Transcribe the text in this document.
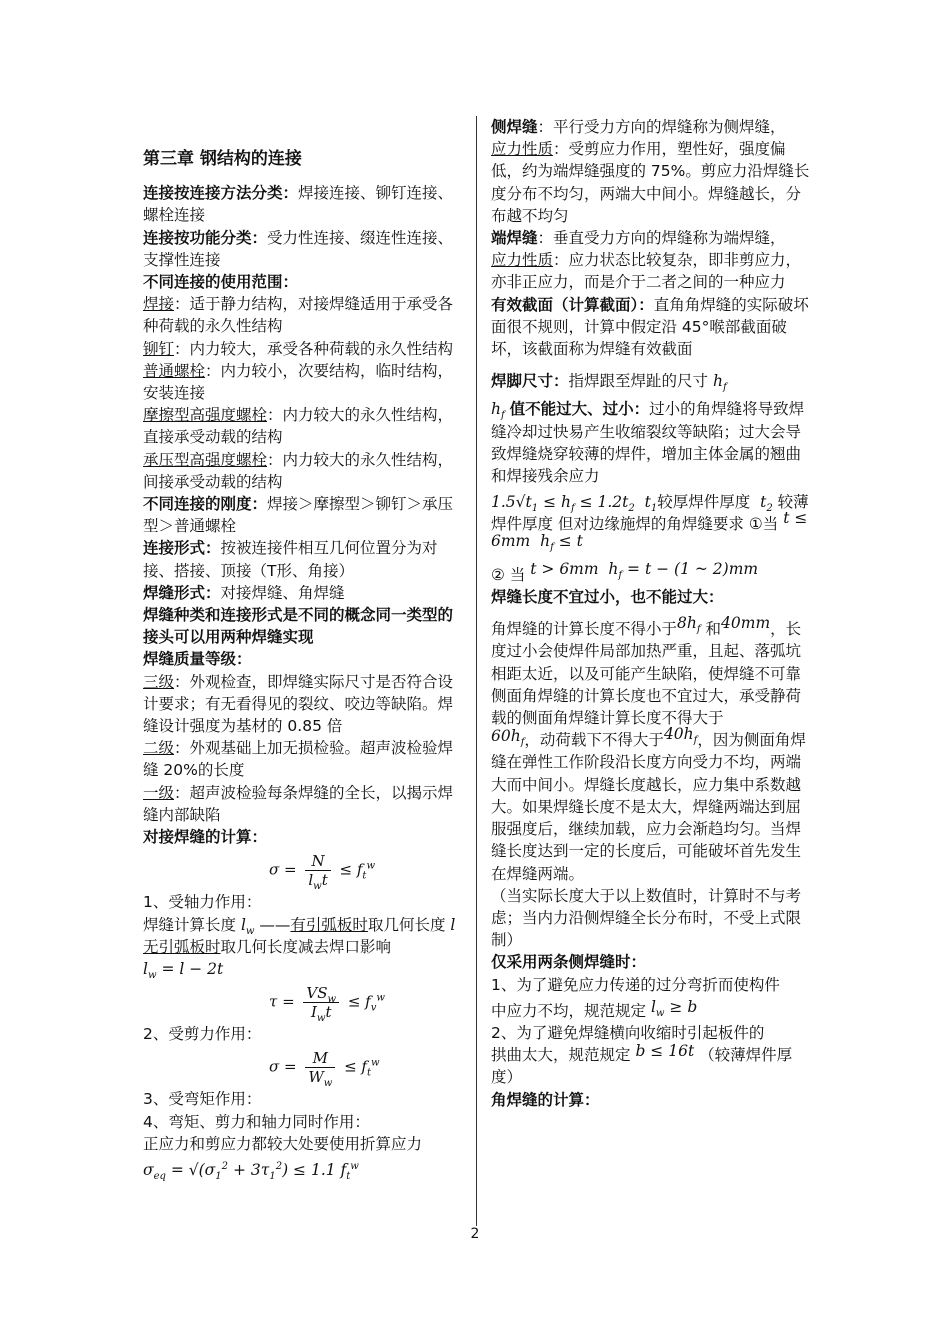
第三章 钢结构的连接

连接按连接方法分类：焊接连接、铆钉连接、螺栓连接

连接按功能分类：受力性连接、缀连性连接、支撑性连接

不同连接的使用范围：

焊接：适于静力结构，对接焊缝适用于承受各种荷载的永久性结构

铆钉：内力较大，承受各种荷载的永久性结构

普通螺栓：内力较小，次要结构，临时结构，安装连接

摩擦型高强度螺栓：内力较大的永久性结构，直接承受动载的结构

承压型高强度螺栓：内力较大的永久性结构，间接承受动载的结构

不同连接的刚度：焊接＞摩擦型＞铆钉＞承压型＞普通螺栓

连接形式：按被连接件相互几何位置分为对接、搭接、顶接（T形、角接）

焊缝形式：对接焊缝、角焊缝

焊缝种类和连接形式是不同的概念同一类型的接头可以用两种焊缝实现

焊缝质量等级：

三级：外观检查，即焊缝实际尺寸是否符合设计要求；有无看得见的裂纹、咬边等缺陷。焊缝设计强度为基材的 0.85 倍

二级：外观基础上加无损检验。超声波检验焊缝 20%的长度

一级：超声波检验每条焊缝的全长，以揭示焊缝内部缺陷

对接焊缝的计算：

$\sigma = \frac{N}{l_wt} \le f_t^w$

1、受轴力作用：

焊缝计算长度 $l_w$ ——有引弧板时取几何长度 l 无引弧板时取几何长度减去焊口影响

$l_w = l - 2t$

$\tau = \frac{VS_w}{I_wt} \le f_v^w$

2、受剪力作用：

$\sigma = \frac{M}{W_w} \le f_t^w$

3、受弯矩作用：

4、弯矩、剪力和轴力同时作用：

正应力和剪应力都较大处要使用折算应力

$\sigma_{eq} = √(\sigma_1^2 + 3\tau_1^2) \le 1.1$ $f_t^w$

侧焊缝：平行受力方向的焊缝称为侧焊缝，

应力性质：受剪应力作用，塑性好，强度偏低，约为端焊缝强度的 75%。剪应力沿焊缝长度分布不均匀，两端大中间小。焊缝越长，分布越不均匀

端焊缝：垂直受力方向的焊缝称为端焊缝，

应力性质：应力状态比较复杂，即非剪应力，亦非正应力，而是介于二者之间的一种应力

有效截面（计算截面）：直角角焊缝的实际破坏面很不规则，计算中假定沿 45°喉部截面破坏，该截面称为焊缝有效截面

焊脚尺寸：指焊跟至焊趾的尺寸 $h_f$

$h_f$ 值不能过大、过小：过小的角焊缝将导致焊缝冷却过快易产生收缩裂纹等缺陷；过大会导致焊缝烧穿较薄的焊件，增加主体金属的翘曲和焊接残余应力

$1.5√t_1 \le h_f \le 1.2t_2$ $t_1$较厚焊件厚度 $t_2$ 较薄焊件厚度 但对边缘施焊的角焊缝要求 ①当 t ≤ 6mm  $h_f \le t$

② 当 t > 6mm  $h_f = t - (1$ ~ 2)mm

焊缝长度不宜过小，也不能过大：

角焊缝的计算长度不得小于$8h_f$ 和40mm，长度过小会使焊件局部加热严重，且起、落弧坑相距太近，以及可能产生缺陷，使焊缝不可靠

侧面角焊缝的计算长度也不宜过大，承受静荷载的侧面角焊缝计算长度不得大于
$60h_f$，动荷载下不得大于$40h_f$，因为侧面角焊缝在弹性工作阶段沿长度方向受力不均，两端大而中间小。焊缝长度越长，应力集中系数越大。如果焊缝长度不是太大，焊缝两端达到屈服强度后，继续加载，应力会渐趋均匀。当焊缝长度达到一定的长度后，可能破坏首先发生在焊缝两端。

（当实际长度大于以上数值时，计算时不与考虑；当内力沿侧焊缝全长分布时，不受上式限制）

仅采用两条侧焊缝时：

1、为了避免应力传递的过分弯折而使构件

中应力不均，规范规定 $l_w \ge b$

2、为了避免焊缝横向收缩时引起板件的

拱曲太大，规范规定 b ≤ 16t （较薄焊件厚度）

角焊缝的计算：

2
